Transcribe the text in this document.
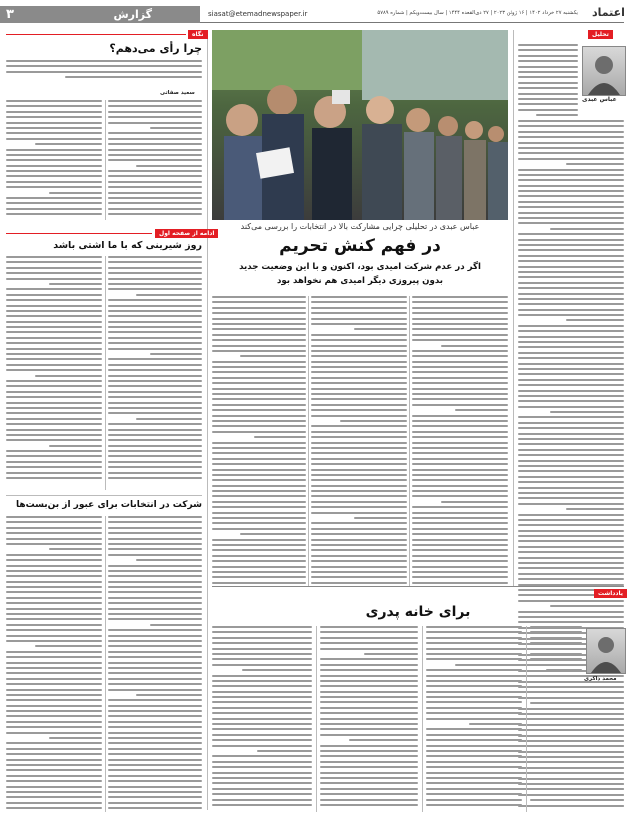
۳	گزارش	siasat@etemadnewspaper.ir	یکشنبه ۲۷ خرداد ۱۴۰۲ | ۱۶ ژوئن ۲۰۲۳ | ۲۷ ذی‌القعده ۱۴۴۴ | سال بیست‌ویکم | شماره ۵۷۸۹ اعتماد
تحلیل
عباس عبدی
عباس عبدی در تحلیلی چرایی مشارکت بالا در انتخابات را بررسی می‌کند
در فهم کنش تحریم
اگر در عدم شرکت امیدی بود، اکنون و با این وضعیت جدید
بدون پیروزی دیگر امیدی هم نخواهد بود
نگاه
چرا رأی می‌دهم؟
سعید صفاتی
ادامه از صفحه اول
روز شیرینی که با ما اشتی باشد
شرکت در انتخابات برای عبور از بن‌بست‌ها
یادداشت
برای خانه پدری
محمد ذاکری
